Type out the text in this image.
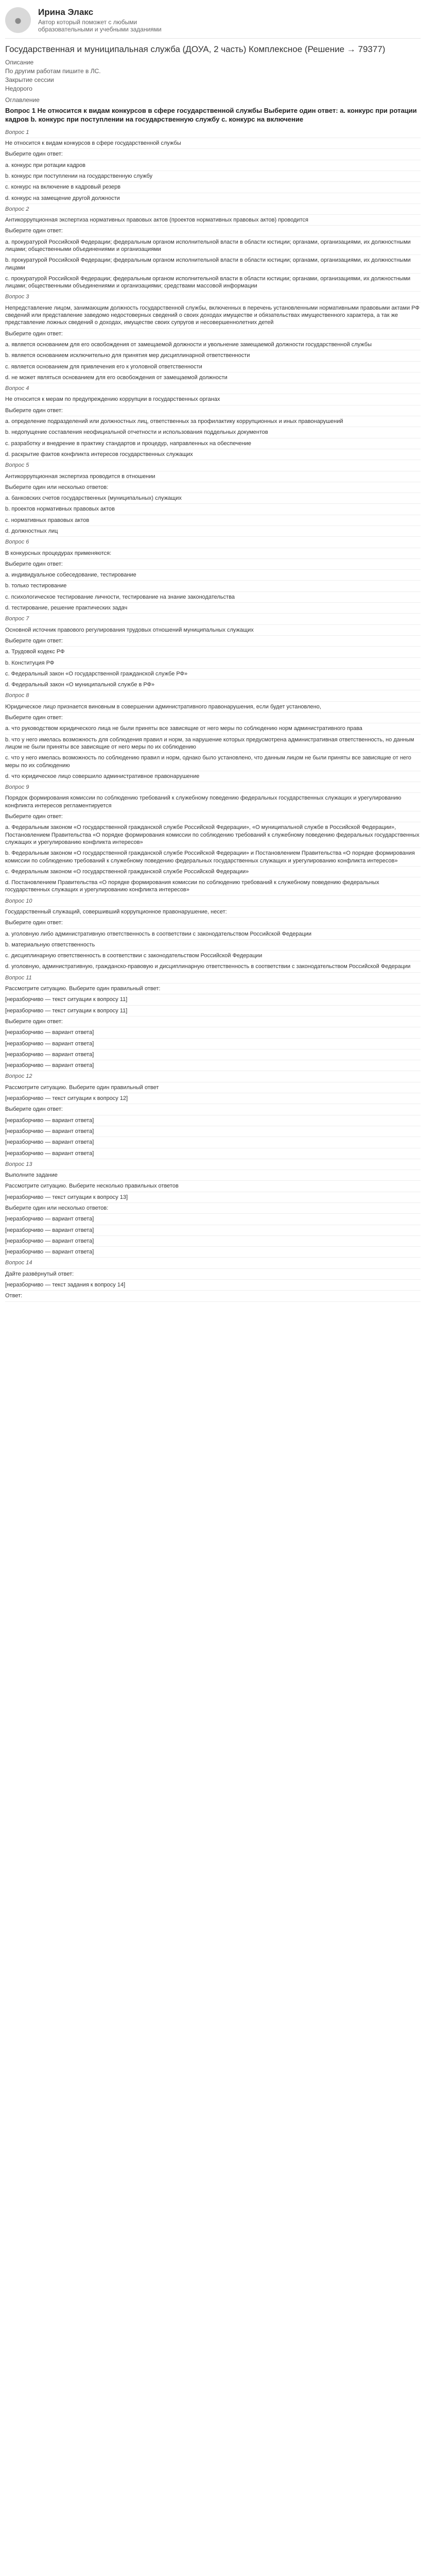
● Ирина Элакс
Автор который поможет с любыми образовательными и учебными заданиями
Государственная и муниципальная служба (ДОУА, 2 часть) Комплексное (Решение → 79377)
Описание
По другим работам пишите в ЛС.
Закрытие сессии
Недорого
Оглавление
Вопрос 1 Не относится к видам конкурсов в сфере государственной службы Выберите один ответ: а. конкурс при ротации кадров b. конкурс при поступлении на государственную службу с. конкурс на включение
Вопрос 1
Не относится к видам конкурсов в сфере государственной службы
Выберите один ответ:
a. конкурс при ротации кадров
b. конкурс при поступлении на государственную службу
c. конкурс на включение в кадровый резерв
d. конкурс на замещение другой должности
Вопрос 2
Антикоррупционная экспертиза нормативных правовых актов (проектов нормативных правовых актов) проводится
Выберите один ответ:
a. прокуратурой Российской Федерации; федеральным органом исполнительной власти в области юстиции; органами, организациями, их должностными лицами; общественными объединениями и организациями
b. прокуратурой Российской Федерации; федеральным органом исполнительной власти в области юстиции; органами, организациями, их должностными лицами
c. прокуратурой Российской Федерации; федеральным органом исполнительной власти в области юстиции; органами, организациями, их должностными лицами; общественными объединениями и организациями; средствами массовой информации
Вопрос 3
Непредставление лицом, занимающим должность государственной службы, включенных в перечень установленными нормативными правовыми актами РФ сведений или представление заведомо недостоверных сведений о своих доходах имуществе и обязательствах имущественного характера, а так же представление ложных сведений о доходах, имуществе своих супругов и несовершеннолетних детей
Выберите один ответ:
a. является основанием для его освобождения от замещаемой должности и увольнение замещаемой должности государственной службы
b. является основанием исключительно для принятия мер дисциплинарной ответственности
c. является основанием для привлечения его к уголовной ответственности
d. не может являться основанием для его освобождения от замещаемой должности
Вопрос 4
Не относится к мерам по предупреждению коррупции в государственных органах
Выберите один ответ:
a. определение подразделений или должностных лиц, ответственных за профилактику коррупционных и иных правонарушений
b. недопущение составления неофициальной отчетности и использования поддельных документов
c. разработку и внедрение в практику стандартов и процедур, направленных на обеспечение
d. раскрытие фактов конфликта интересов государственных служащих
Вопрос 5
Антикоррупционная экспертиза проводится в отношении
Выберите один или несколько ответов:
a. банковских счетов государственных (муниципальных) служащих
b. проектов нормативных правовых актов
c. нормативных правовых актов
d. должностных лиц
Вопрос 6
В конкурсных процедурах применяются:
Выберите один ответ:
a. индивидуальное собеседование, тестирование
b. только тестирование
c. психологическое тестирование личности, тестирование на знание законодательства
d. тестирование, решение практических задач
Вопрос 7
Основной источник правового регулирования трудовых отношений муниципальных служащих
Выберите один ответ:
a. Трудовой кодекс РФ
b. Конституция РФ
c. Федеральный закон «О государственной гражданской службе РФ»
d. Федеральный закон «О муниципальной службе в РФ»
Вопрос 8
Юридическое лицо признается виновным в совершении административного правонарушения, если будет установлено,
Выберите один ответ:
a. что руководством юридического лица не были приняты все зависящие от него меры по соблюдению норм административного права
b. что у него имелась возможность для соблюдения правил и норм, за нарушение которых предусмотрена административная ответственность, но данным лицом не были приняты все зависящие от него меры по их соблюдению
c. что у него имелась возможность по соблюдению правил и норм, однако было установлено, что данным лицом не были приняты все зависящие от него меры по их соблюдению
d. что юридическое лицо совершило административное правонарушение
Вопрос 9
Порядок формирования комиссии по соблюдению требований к служебному поведению федеральных государственных служащих и урегулированию конфликта интересов регламентируется
Выберите один ответ:
a. Федеральным законом «О государственной гражданской службе Российской Федерации», «О муниципальной службе в Российской Федерации», Постановлением Правительства «О порядке формирования комиссии по соблюдению требований к служебному поведению федеральных государственных служащих и урегулированию конфликта интересов»
b. Федеральным законом «О государственной гражданской службе Российской Федерации» и Постановлением Правительства «О порядке формирования комиссии по соблюдению требований к служебному поведению федеральных государственных служащих и урегулированию конфликта интересов»
c. Федеральным законом «О государственной гражданской службе Российской Федерации»
d. Постановлением Правительства «О порядке формирования комиссии по соблюдению требований к служебному поведению федеральных государственных служащих и урегулированию конфликта интересов»
Вопрос 10
Государственный служащий, совершивший коррупционное правонарушение, несет:
Выберите один ответ:
a. уголовную либо административную ответственность в соответствии с законодательством Российской Федерации
b. материальную ответственность
c. дисциплинарную ответственность в соответствии с законодательством Российской Федерации
d. уголовную, административную, гражданско-правовую и дисциплинарную ответственность в соответствии с законодательством Российской Федерации
Вопрос 11
Рассмотрите ситуацию. Выберите один правильный ответ:
[неразборчиво — текст ситуации к вопросу 11]
[неразборчиво — текст ситуации к вопросу 11]
Выберите один ответ:
[неразборчиво — вариант ответа]
[неразборчиво — вариант ответа]
[неразборчиво — вариант ответа]
[неразборчиво — вариант ответа]
Вопрос 12
Рассмотрите ситуацию. Выберите один правильный ответ
[неразборчиво — текст ситуации к вопросу 12]
Выберите один ответ:
[неразборчиво — вариант ответа]
[неразборчиво — вариант ответа]
[неразборчиво — вариант ответа]
[неразборчиво — вариант ответа]
Вопрос 13
Выполните задание
Рассмотрите ситуацию. Выберите несколько правильных ответов
[неразборчиво — текст ситуации к вопросу 13]
Выберите один или несколько ответов:
[неразборчиво — вариант ответа]
[неразборчиво — вариант ответа]
[неразборчиво — вариант ответа]
[неразборчиво — вариант ответа]
Вопрос 14
Дайте развёрнутый ответ:
[неразборчиво — текст задания к вопросу 14]
Ответ:
